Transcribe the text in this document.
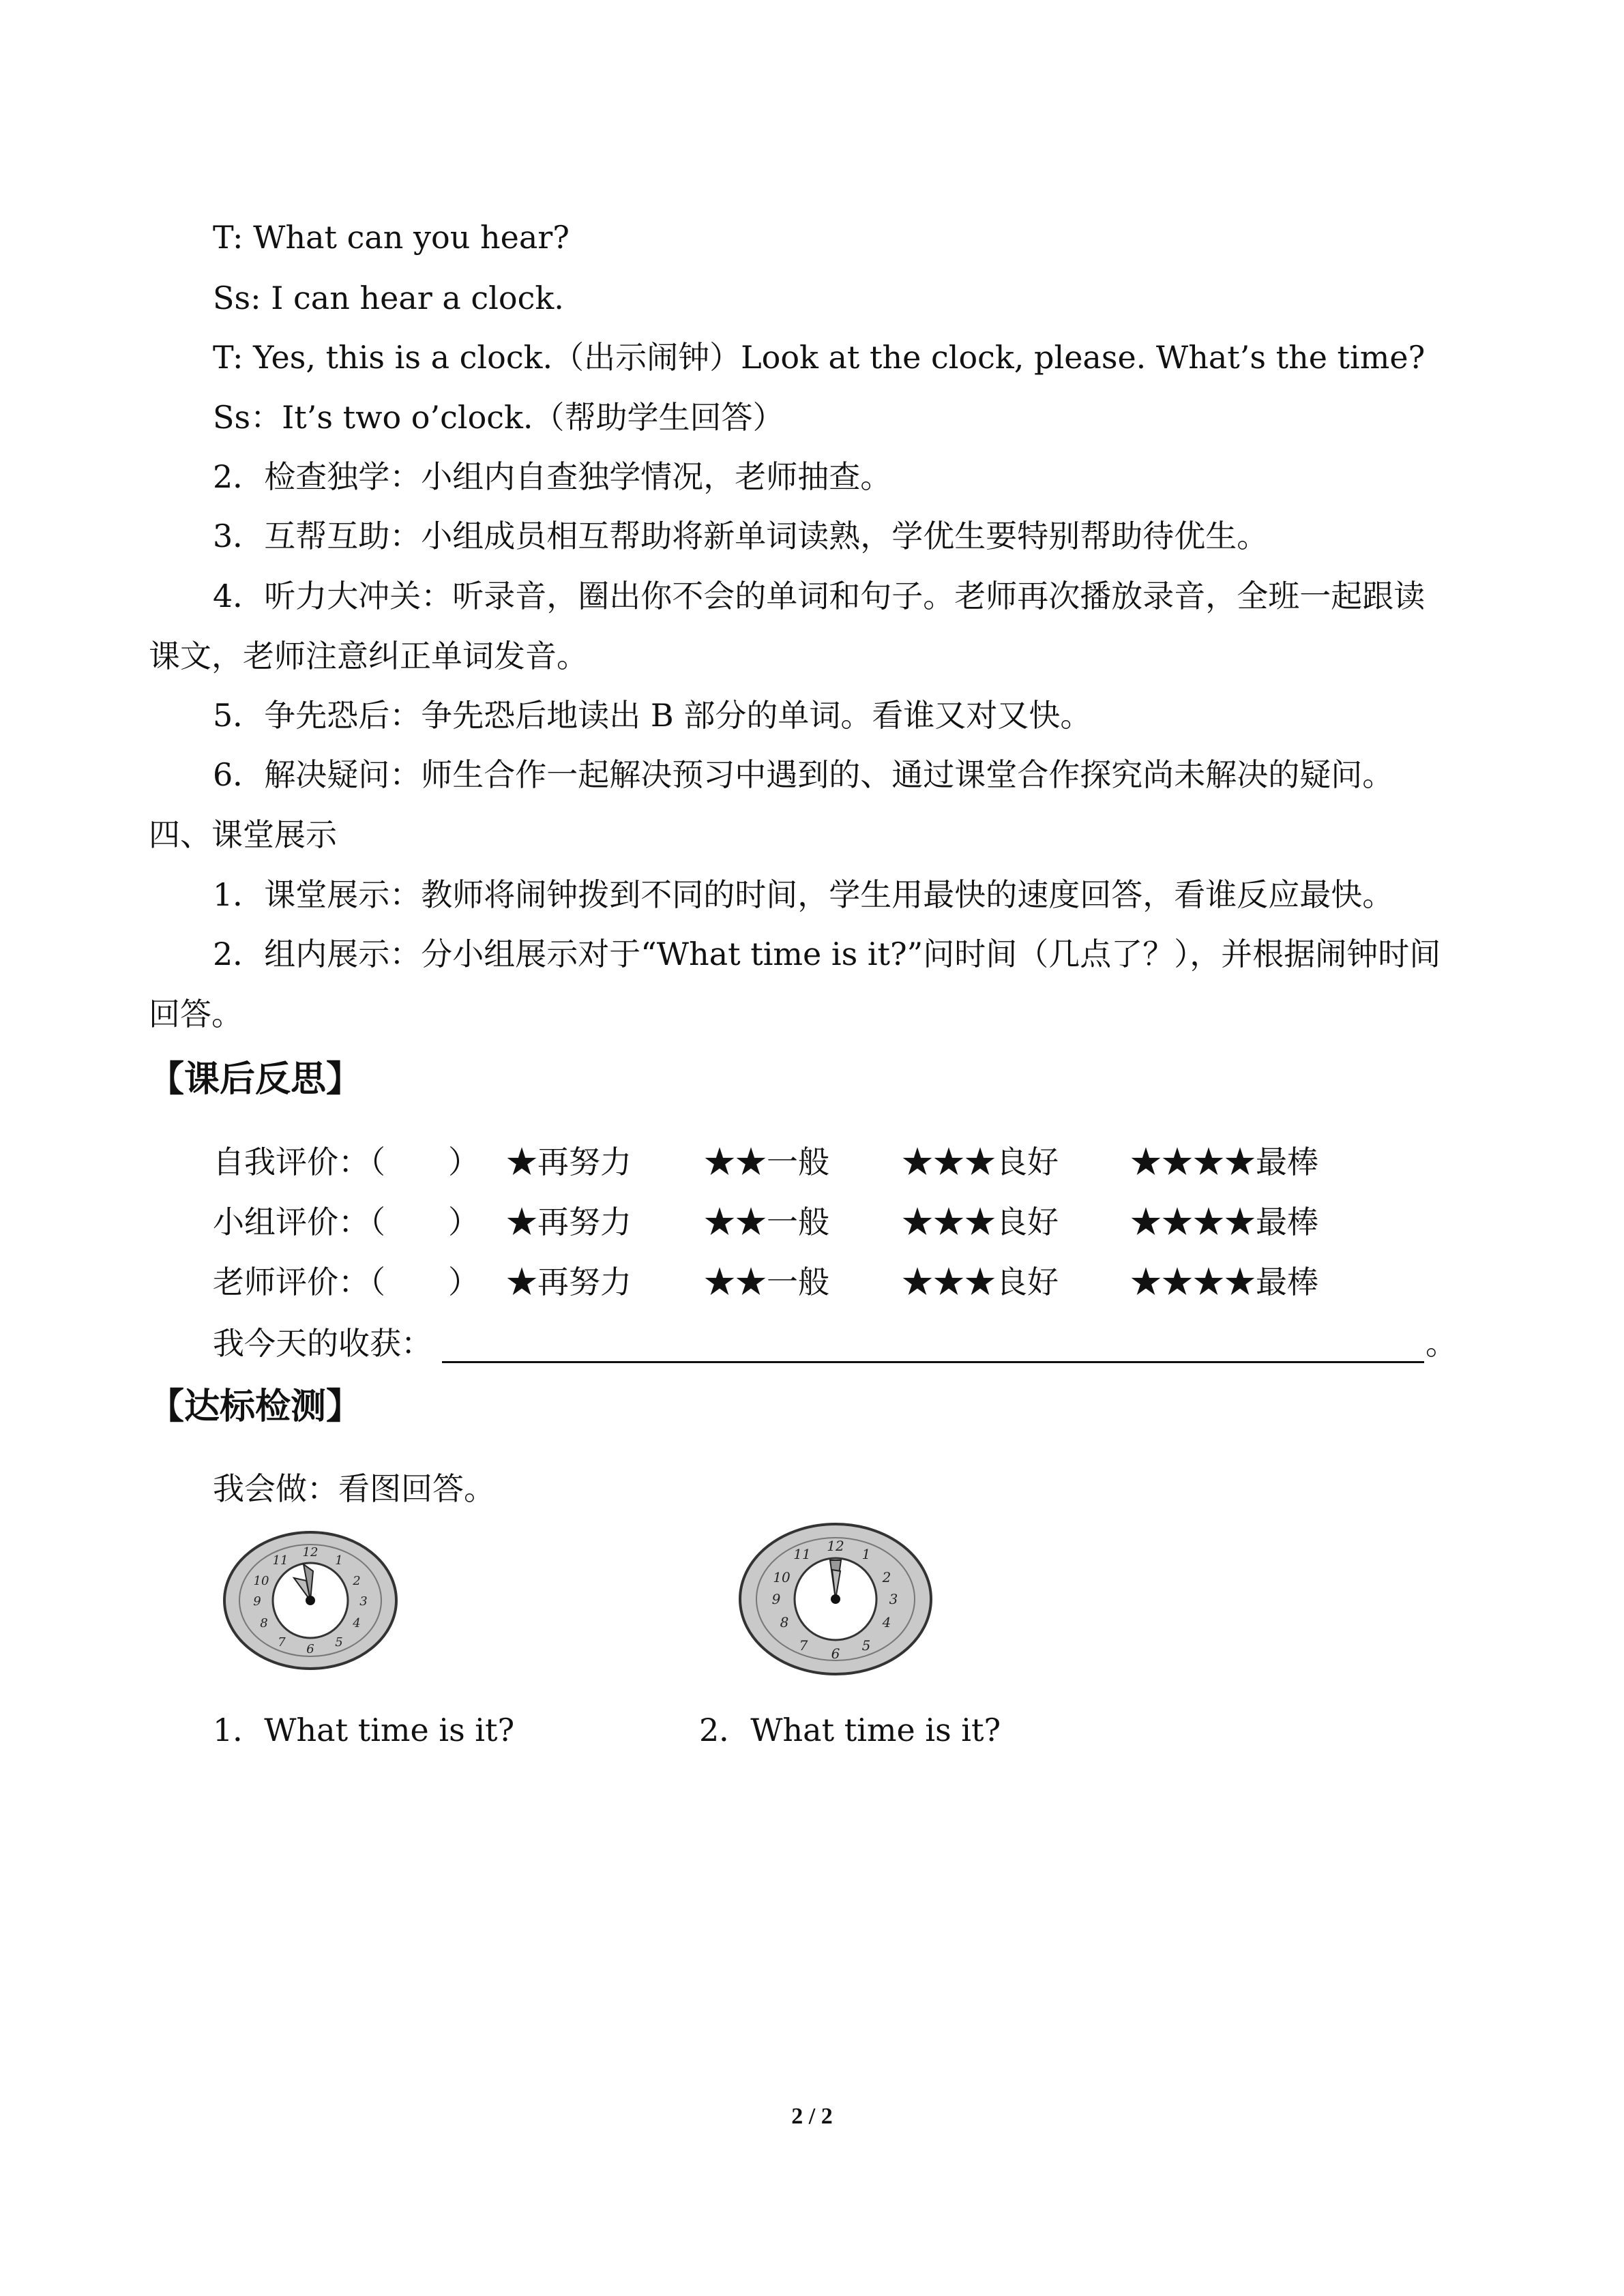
T: What can you hear?
Ss: I can hear a clock.
T: Yes, this is a clock.（出示闹钟）Look at the clock, please. What’s the time?
Ss：It’s two o’clock.（帮助学生回答）
2．检查独学：小组内自查独学情况，老师抽查。
3．互帮互助：小组成员相互帮助将新单词读熟，学优生要特别帮助待优生。
4．听力大冲关：听录音，圈出你不会的单词和句子。老师再次播放录音，全班一起跟读
课文，老师注意纠正单词发音。
5．争先恐后：争先恐后地读出 B 部分的单词。看谁又对又快。
6．解决疑问：师生合作一起解决预习中遇到的、通过课堂合作探究尚未解决的疑问。
四、课堂展示
1．课堂展示：教师将闹钟拨到不同的时间，学生用最快的速度回答，看谁反应最快。
2．组内展示：分小组展示对于“What time is it?”问时间（几点了？），并根据闹钟时间
回答。
【课后反思】
自我评价：（　　） ★再努力 ★★一般 ★★★良好 ★★★★最棒
小组评价：（　　） ★再努力 ★★一般 ★★★良好 ★★★★最棒
老师评价：（　　） ★再努力 ★★一般 ★★★良好 ★★★★最棒
我今天的收获：	。
【达标检测】
我会做：看图回答。
12
1
2
3
4
5
6
7
8
9
10
11
12 1
2
3
4
5
6
7
8
9
10
11
1．What time is it?	2．What time is it?
2 / 2
